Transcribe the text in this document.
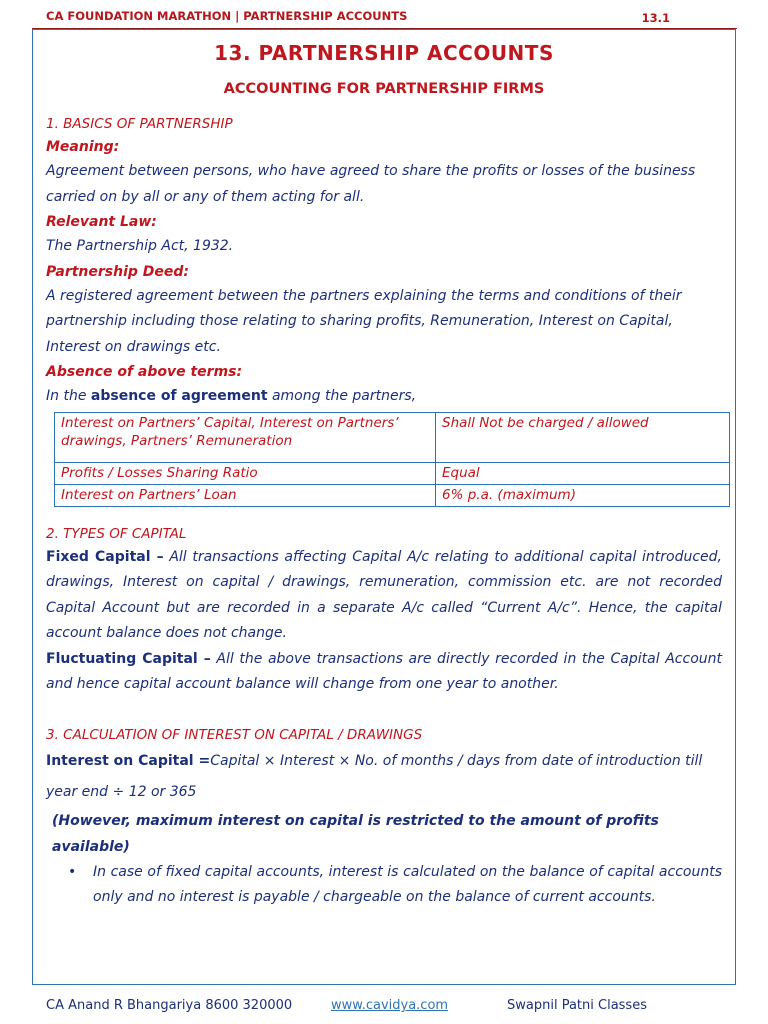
CA FOUNDATION MARATHON | PARTNERSHIP ACCOUNTS	13.1
13. PARTNERSHIP ACCOUNTS
ACCOUNTING FOR PARTNERSHIP FIRMS
1. BASICS OF PARTNERSHIP
Meaning:

Agreement between persons, who have agreed to share the profits or losses of the business carried on by all or any of them acting for all.

Relevant Law:

The Partnership Act, 1932.

Partnership Deed:

A registered agreement between the partners explaining the terms and conditions of their partnership including those relating to sharing profits, Remuneration, Interest on Capital, Interest on drawings etc.

Absence of above terms:

In the absence of agreement among the partners,

Interest on Partners’ Capital, Interest on Partners’ drawings, Partners’ Remuneration	Shall Not be charged / allowed
Profits / Losses Sharing Ratio	Equal
Interest on Partners’ Loan	6% p.a. (maximum)
2. TYPES OF CAPITAL

Fixed Capital – All transactions affecting Capital A/c relating to additional capital introduced, drawings, Interest on capital / drawings, remuneration, commission etc. are not recorded Capital Account but are recorded in a separate A/c called “Current A/c”. Hence, the capital account balance does not change.

Fluctuating Capital – All the above transactions are directly recorded in the Capital Account and hence capital account balance will change from one year to another.

3. CALCULATION OF INTEREST ON CAPITAL / DRAWINGS
Interest on Capital =Capital × Interest × No. of months / days from date of introduction till year end ÷ 12 or 365
(However, maximum interest on capital is restricted to the amount of profits available)
•	In case of fixed capital accounts, interest is calculated on the balance of capital accounts only and no interest is payable / chargeable on the balance of current accounts.
CA Anand R Bhangariya 8600 320000	www.cavidya.com	Swapnil Patni Classes
